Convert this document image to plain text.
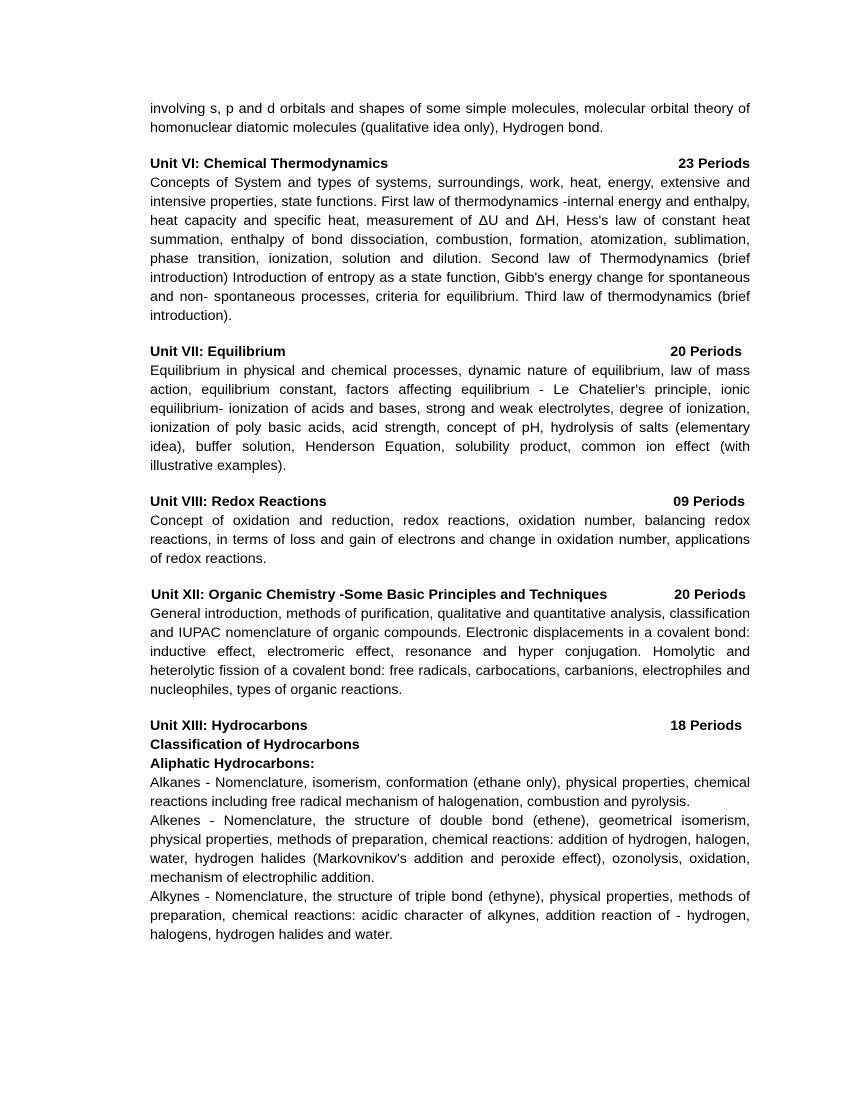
involving s, p and d orbitals and shapes of some simple molecules, molecular orbital theory of homonuclear diatomic molecules (qualitative idea only), Hydrogen bond.

Unit VI: Chemical Thermodynamics	23 Periods

Concepts of System and types of systems, surroundings, work, heat, energy, extensive and intensive properties, state functions. First law of thermodynamics -internal energy and enthalpy, heat capacity and specific heat, measurement of ΔU and ΔH, Hess's law of constant heat summation, enthalpy of bond dissociation, combustion, formation, atomization, sublimation, phase transition, ionization, solution and dilution. Second law of Thermodynamics (brief introduction) Introduction of entropy as a state function, Gibb's energy change for spontaneous and non- spontaneous processes, criteria for equilibrium. Third law of thermodynamics (brief introduction).

Unit VII: Equilibrium	20 Periods

Equilibrium in physical and chemical processes, dynamic nature of equilibrium, law of mass action, equilibrium constant, factors affecting equilibrium - Le Chatelier's principle, ionic equilibrium- ionization of acids and bases, strong and weak electrolytes, degree of ionization, ionization of poly basic acids, acid strength, concept of pH, hydrolysis of salts (elementary idea), buffer solution, Henderson Equation, solubility product, common ion effect (with illustrative examples).

Unit VIII: Redox Reactions	09 Periods

Concept of oxidation and reduction, redox reactions, oxidation number, balancing redox reactions, in terms of loss and gain of electrons and change in oxidation number, applications of redox reactions.

Unit XII: Organic Chemistry -Some Basic Principles and Techniques	20 Periods

General introduction, methods of purification, qualitative and quantitative analysis, classification and IUPAC nomenclature of organic compounds. Electronic displacements in a covalent bond: inductive effect, electromeric effect, resonance and hyper conjugation. Homolytic and heterolytic fission of a covalent bond: free radicals, carbocations, carbanions, electrophiles and nucleophiles, types of organic reactions.

Unit XIII: Hydrocarbons	18 Periods

Classification of Hydrocarbons

Aliphatic Hydrocarbons:

Alkanes - Nomenclature, isomerism, conformation (ethane only), physical properties, chemical reactions including free radical mechanism of halogenation, combustion and pyrolysis.

Alkenes - Nomenclature, the structure of double bond (ethene), geometrical isomerism, physical properties, methods of preparation, chemical reactions: addition of hydrogen, halogen, water, hydrogen halides (Markovnikov's addition and peroxide effect), ozonolysis, oxidation, mechanism of electrophilic addition.

Alkynes - Nomenclature, the structure of triple bond (ethyne), physical properties, methods of preparation, chemical reactions: acidic character of alkynes, addition reaction of - hydrogen, halogens, hydrogen halides and water.
